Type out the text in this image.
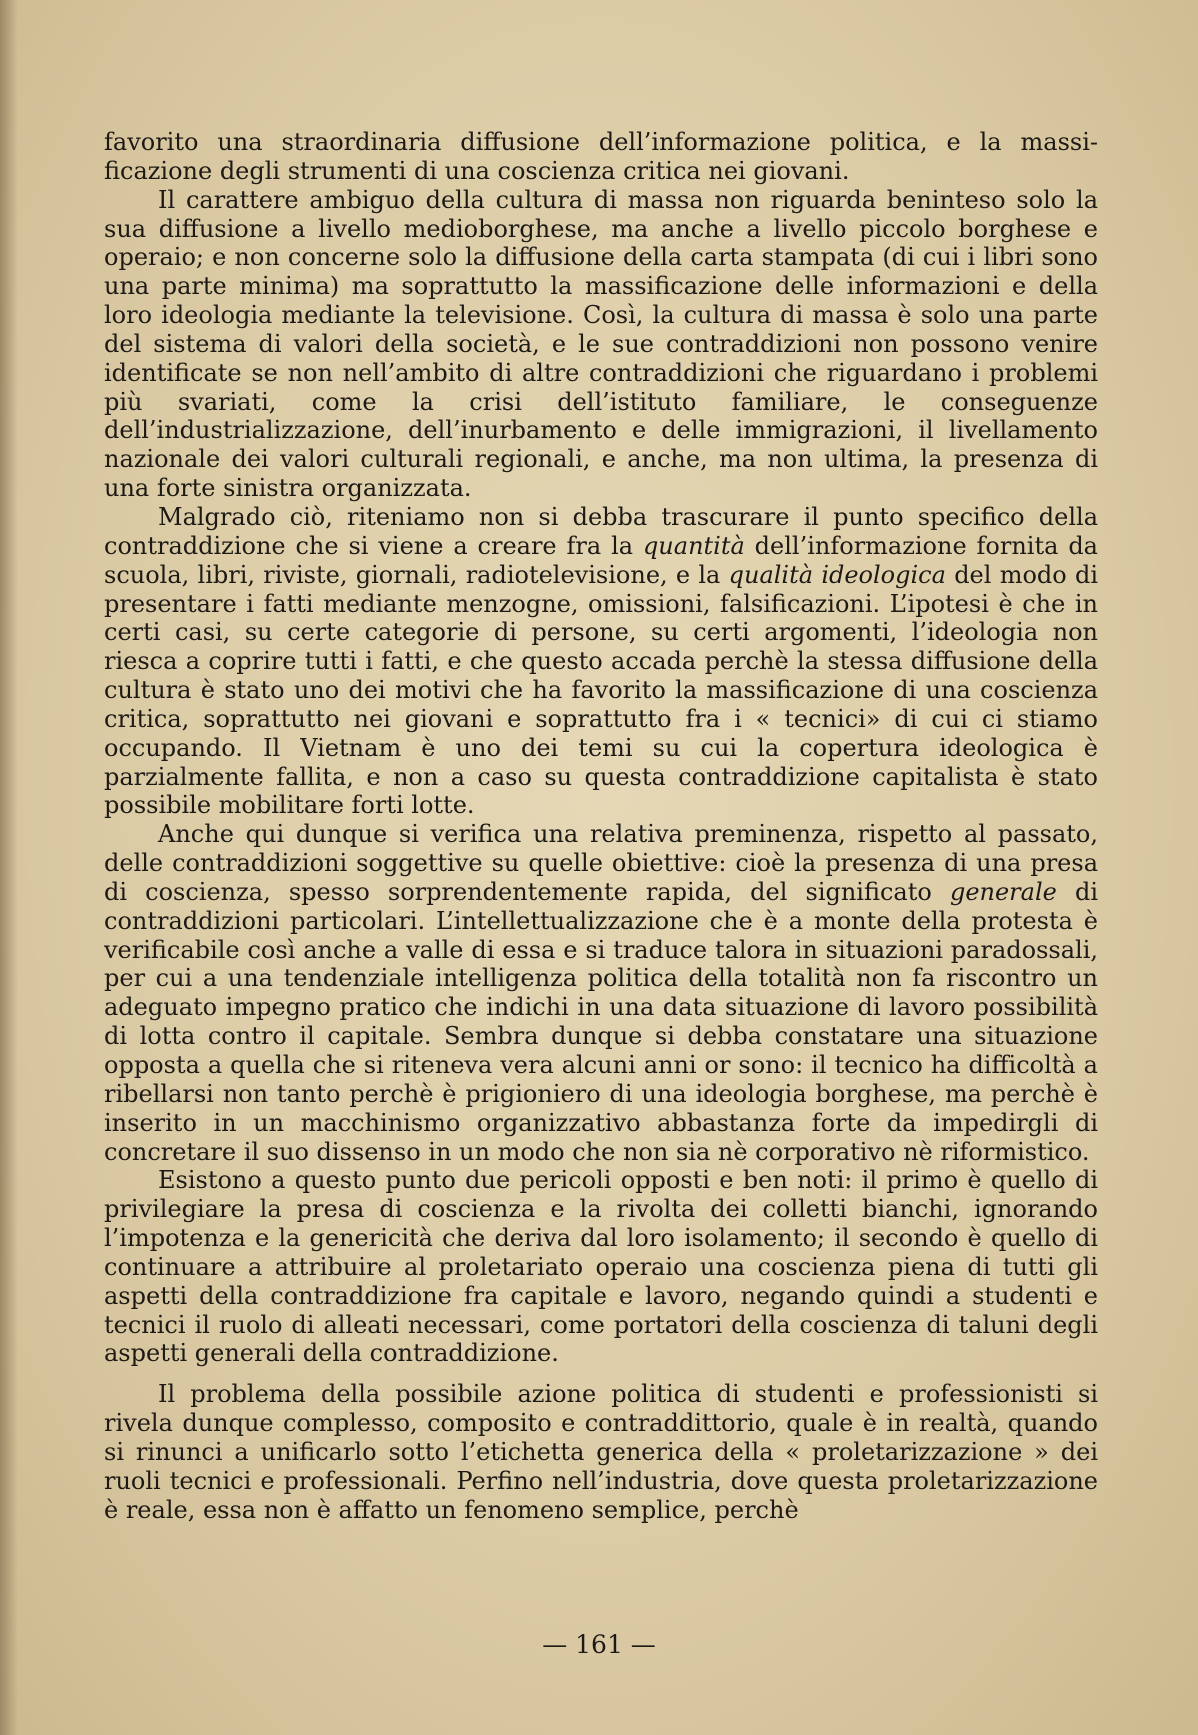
favorito una straordinaria diffusione dell’informazione politica, e la massificazione degli strumenti di una coscienza critica nei giovani.

Il carattere ambiguo della cultura di massa non riguarda beninteso solo la sua diffusione a livello medioborghese, ma anche a livello piccolo borghese e operaio; e non concerne solo la diffusione della carta stampata (di cui i libri sono una parte minima) ma soprattutto la massificazione delle informazioni e della loro ideologia mediante la televisione. Così, la cultura di massa è solo una parte del sistema di valori della società, e le sue contraddizioni non possono venire identificate se non nell’ambito di altre contraddizioni che riguardano i problemi più svariati, come la crisi dell’istituto familiare, le conseguenze dell’industrializzazione, dell’inurbamento e delle immigrazioni, il livellamento nazionale dei valori culturali regionali, e anche, ma non ultima, la presenza di una forte sinistra organizzata.

Malgrado ciò, riteniamo non si debba trascurare il punto specifico della contraddizione che si viene a creare fra la quantità dell’informazione fornita da scuola, libri, riviste, giornali, radiotelevisione, e la qualità ideologica del modo di presentare i fatti mediante menzogne, omissioni, falsificazioni. L’ipotesi è che in certi casi, su certe categorie di persone, su certi argomenti, l’ideologia non riesca a coprire tutti i fatti, e che questo accada perchè la stessa diffusione della cultura è stato uno dei motivi che ha favorito la massificazione di una coscienza critica, soprattutto nei giovani e soprattutto fra i « tecnici» di cui ci stiamo occupando. Il Vietnam è uno dei temi su cui la copertura ideologica è parzialmente fallita, e non a caso su questa contraddizione capitalista è stato possibile mobilitare forti lotte.

Anche qui dunque si verifica una relativa preminenza, rispetto al passato, delle contraddizioni soggettive su quelle obiettive: cioè la presenza di una presa di coscienza, spesso sorprendentemente rapida, del significato generale di contraddizioni particolari. L’intellettualizzazione che è a monte della protesta è verificabile così anche a valle di essa e si traduce talora in situazioni paradossali, per cui a una tendenziale intelligenza politica della totalità non fa riscontro un adeguato impegno pratico che indichi in una data situazione di lavoro possibilità di lotta contro il capitale. Sembra dunque si debba constatare una situazione opposta a quella che si riteneva vera alcuni anni or sono: il tecnico ha difficoltà a ribellarsi non tanto perchè è prigioniero di una ideologia borghese, ma perchè è inserito in un macchinismo organizzativo abbastanza forte da impedirgli di concretare il suo dissenso in un modo che non sia nè corporativo nè riformistico.

Esistono a questo punto due pericoli opposti e ben noti: il primo è quello di privilegiare la presa di coscienza e la rivolta dei colletti bianchi, ignorando l’impotenza e la genericità che deriva dal loro isolamento; il secondo è quello di continuare a attribuire al proletariato operaio una coscienza piena di tutti gli aspetti della contraddizione fra capitale e lavoro, negando quindi a studenti e tecnici il ruolo di alleati necessari, come portatori della coscienza di taluni degli aspetti generali della contraddizione.

Il problema della possibile azione politica di studenti e professionisti si rivela dunque complesso, composito e contraddittorio, quale è in realtà, quando si rinunci a unificarlo sotto l’etichetta generica della « proletarizzazione » dei ruoli tecnici e professionali. Perfino nell’industria, dove questa proletarizzazione è reale, essa non è affatto un fenomeno semplice, perchè

— 161 —
